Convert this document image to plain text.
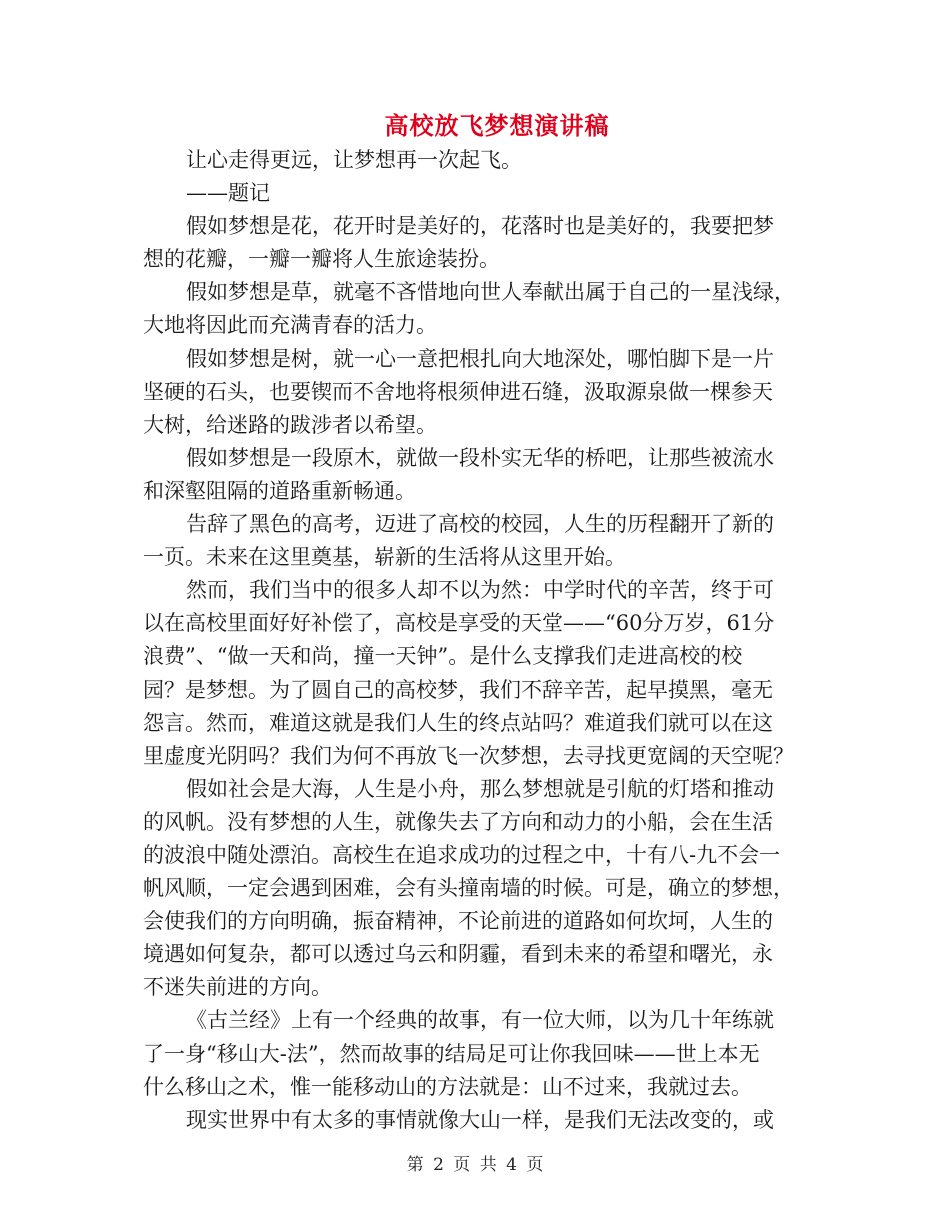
高校放飞梦想演讲稿
让心走得更远，让梦想再一次起飞。
——题记
假如梦想是花，花开时是美好的，花落时也是美好的，我要把梦
想的花瓣，一瓣一瓣将人生旅途装扮。
假如梦想是草，就毫不吝惜地向世人奉献出属于自己的一星浅绿，
大地将因此而充满青春的活力。
假如梦想是树，就一心一意把根扎向大地深处，哪怕脚下是一片
坚硬的石头，也要锲而不舍地将根须伸进石缝，汲取源泉做一棵参天
大树，给迷路的跋涉者以希望。
假如梦想是一段原木，就做一段朴实无华的桥吧，让那些被流水
和深壑阻隔的道路重新畅通。
告辞了黑色的高考，迈进了高校的校园，人生的历程翻开了新的
一页。未来在这里奠基，崭新的生活将从这里开始。
然而，我们当中的很多人却不以为然：中学时代的辛苦，终于可
以在高校里面好好补偿了，高校是享受的天堂——“60分万岁，61分
浪费”、“做一天和尚，撞一天钟”。是什么支撑我们走进高校的校
园？是梦想。为了圆自己的高校梦，我们不辞辛苦，起早摸黑，毫无
怨言。然而，难道这就是我们人生的终点站吗？难道我们就可以在这
里虚度光阴吗？我们为何不再放飞一次梦想，去寻找更宽阔的天空呢？
假如社会是大海，人生是小舟，那么梦想就是引航的灯塔和推动
的风帆。没有梦想的人生，就像失去了方向和动力的小船，会在生活
的波浪中随处漂泊。高校生在追求成功的过程之中，十有八-九不会一
帆风顺，一定会遇到困难，会有头撞南墙的时候。可是，确立的梦想，
会使我们的方向明确，振奋精神，不论前进的道路如何坎坷，人生的
境遇如何复杂，都可以透过乌云和阴霾，看到未来的希望和曙光，永
不迷失前进的方向。
《古兰经》上有一个经典的故事，有一位大师，以为几十年练就
了一身“移山大-法”，然而故事的结局足可让你我回味——世上本无
什么移山之术，惟一能移动山的方法就是：山不过来，我就过去。
现实世界中有太多的事情就像大山一样，是我们无法改变的，或
第 2 页 共 4 页
